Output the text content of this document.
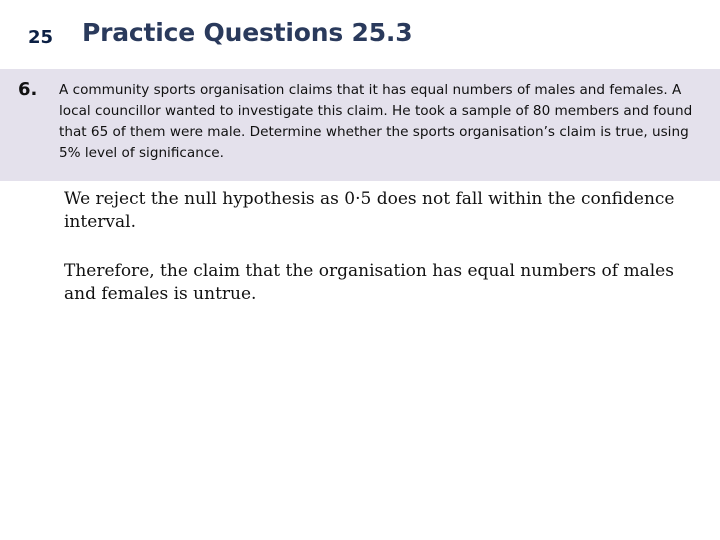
25 Practice Questions 25.3
6. A community sports organisation claims that it has equal numbers of males and females. A local councillor wanted to investigate this claim. He took a sample of 80 members and found that 65 of them were male. Determine whether the sports organisation’s claim is true, using 5% level of significance.
We reject the null hypothesis as 0·5 does not fall within the confidence interval.
Therefore, the claim that the organisation has equal numbers of males and females is untrue.
